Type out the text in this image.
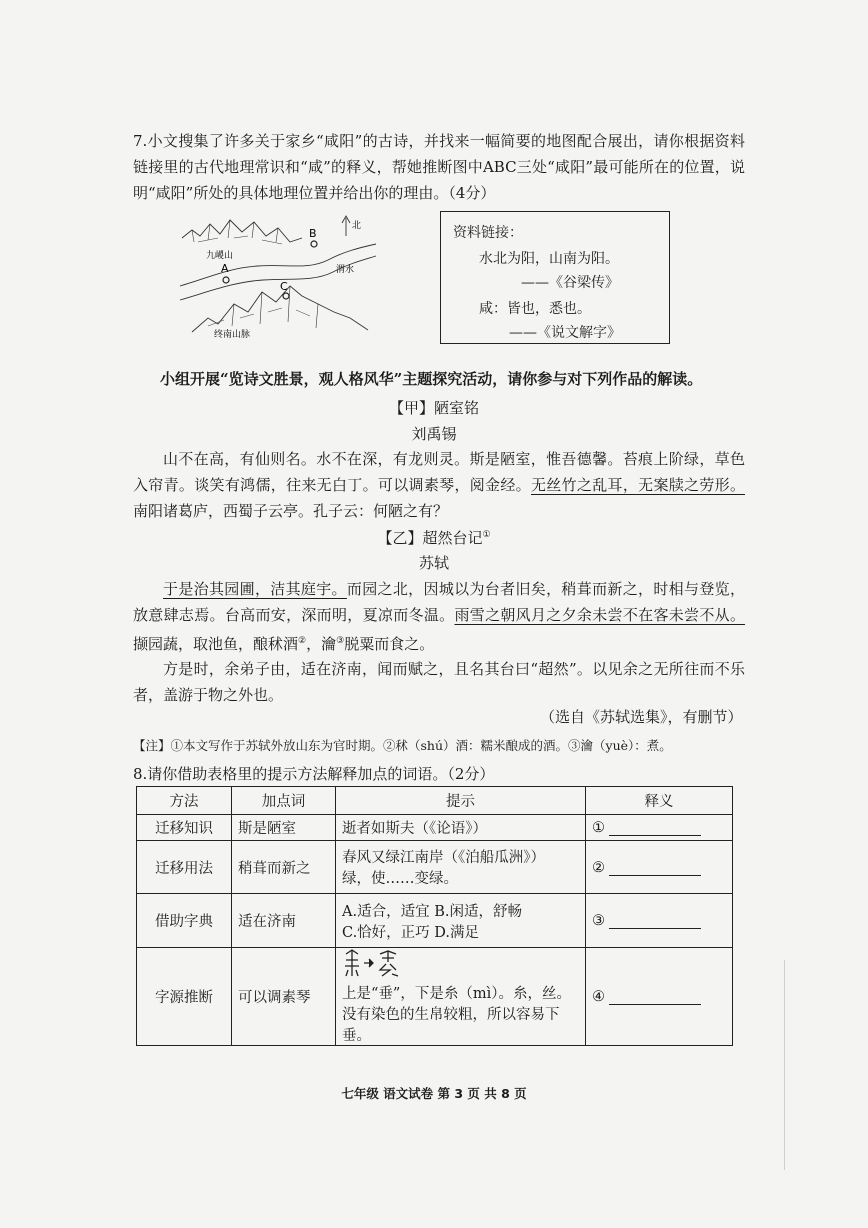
7.小文搜集了许多关于家乡“咸阳”的古诗，并找来一幅简要的地图配合展出，请你根据资料链接里的古代地理常识和“咸”的释义，帮她推断图中ABC三处“咸阳”最可能所在的位置，说明“咸阳”所处的具体地理位置并给出你的理由。（4分）
A
B
C
北
九嵕山
渭水
终南山脉
资料链接：
水北为阳，山南为阳。
——《谷梁传》
咸：皆也，悉也。
——《说文解字》
小组开展“览诗文胜景，观人格风华”主题探究活动，请你参与对下列作品的解读。
【甲】陋室铭
刘禹锡
山不在高，有仙则名。水不在深，有龙则灵。斯是陋室，惟吾德馨。苔痕上阶绿，草色入帘青。谈笑有鸿儒，往来无白丁。可以调素琴，阅金经。无丝竹之乱耳，无案牍之劳形。南阳诸葛庐，西蜀子云亭。孔子云：何陋之有？
【乙】超然台记①
苏轼
于是治其园圃，洁其庭宇。而园之北，因城以为台者旧矣，稍葺而新之，时相与登览，放意肆志焉。台高而安，深而明，夏凉而冬温。雨雪之朝风月之夕余未尝不在客未尝不从。撷园蔬，取池鱼，酿秫酒②，瀹③脱粟而食之。
方是时，余弟子由，适在济南，闻而赋之，且名其台曰“超然”。以见余之无所往而不乐者，盖游于物之外也。
（选自《苏轼选集》，有删节）
【注】①本文写作于苏轼外放山东为官时期。②秫（shú）酒：糯米酿成的酒。③瀹（yuè）：煮。
8.请你借助表格里的提示方法解释加点的词语。（2分）
方法	加点词	提示	释义
迁移知识	斯是陋室	逝者如斯夫（《论语》）	①
迁移用法	稍葺而新之	春风又绿江南岸（《泊船瓜洲》）
绿，使……变绿。	②
借助字典	适在济南	A.适合，适宜 B.闲适，舒畅
C.恰好，正巧 D.满足	③
字源推断	可以调素琴	上是“垂”，下是糸（mì）。糸，丝。
没有染色的生帛较粗，所以容易下垂。	④
七年级 语文试卷 第 3 页 共 8 页
